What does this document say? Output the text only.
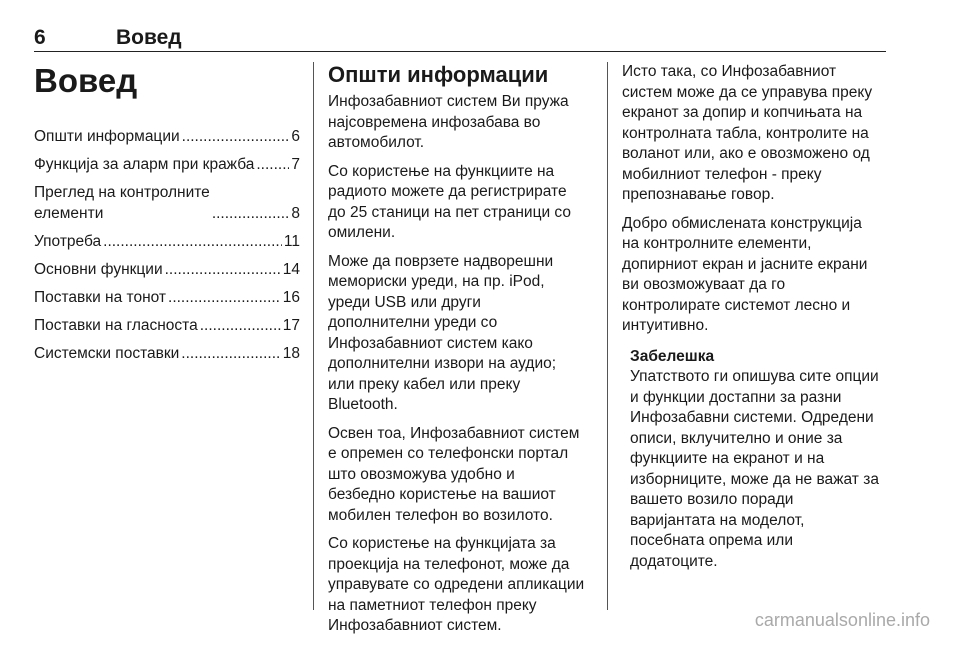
6	Вовед
Вовед
Општи информации .....	6
Функција за аларм при кражба ..... 7
Преглед на контролните
елементи .....	8
Употреба .....	11
Основни функции .....	14
Поставки на тонот .....	16
Поставки на гласноста .....	17
Системски поставки .....	18
Општи информации

Инфозабавниот систем Ви пружа
најсовремена инфозабава во
автомобилот.

Со користење на функциите на
радиото можете да регистрирате
до 25 станици на пет страници со
омилени.

Може да поврзете надворешни
мемориски уреди, на пр. iPod,
уреди USB или други
дополнителни уреди со
Инфозабавниот систем како
дополнителни извори на аудио;
или преку кабел или преку
Bluetooth.

Освен тоа, Инфозабавниот систем
е опремен со телефонски портал
што овозможува удобно и
безбедно користење на вашиот
мобилен телефон во возилото.

Со користење на функцијата за
проекција на телефонот, може да
управувате со одредени апликации
на паметниот телефон преку
Инфозабавниот систем.

Исто така, со Инфозабавниот
систем може да се управува преку
екранот за допир и копчињата на
контролната табла, контролите на
воланот или, ако е овозможено од
мобилниот телефон - преку
препознавање говор.

Добро обмислената конструкција
на контролните елементи,
допирниот екран и јасните екрани
ви овозможуваат да го
контролирате системот лесно и
интуитивно.

Забелешка

Упатството ги опишува сите опции
и функции достапни за разни
Инфозабавни системи. Одредени
описи, вклучително и оние за
функциите на екранот и на
изборниците, може да не важат за
вашето возило поради
варијантата на моделот,
посебната опрема или
додатоците.

carmanualsonline.info
